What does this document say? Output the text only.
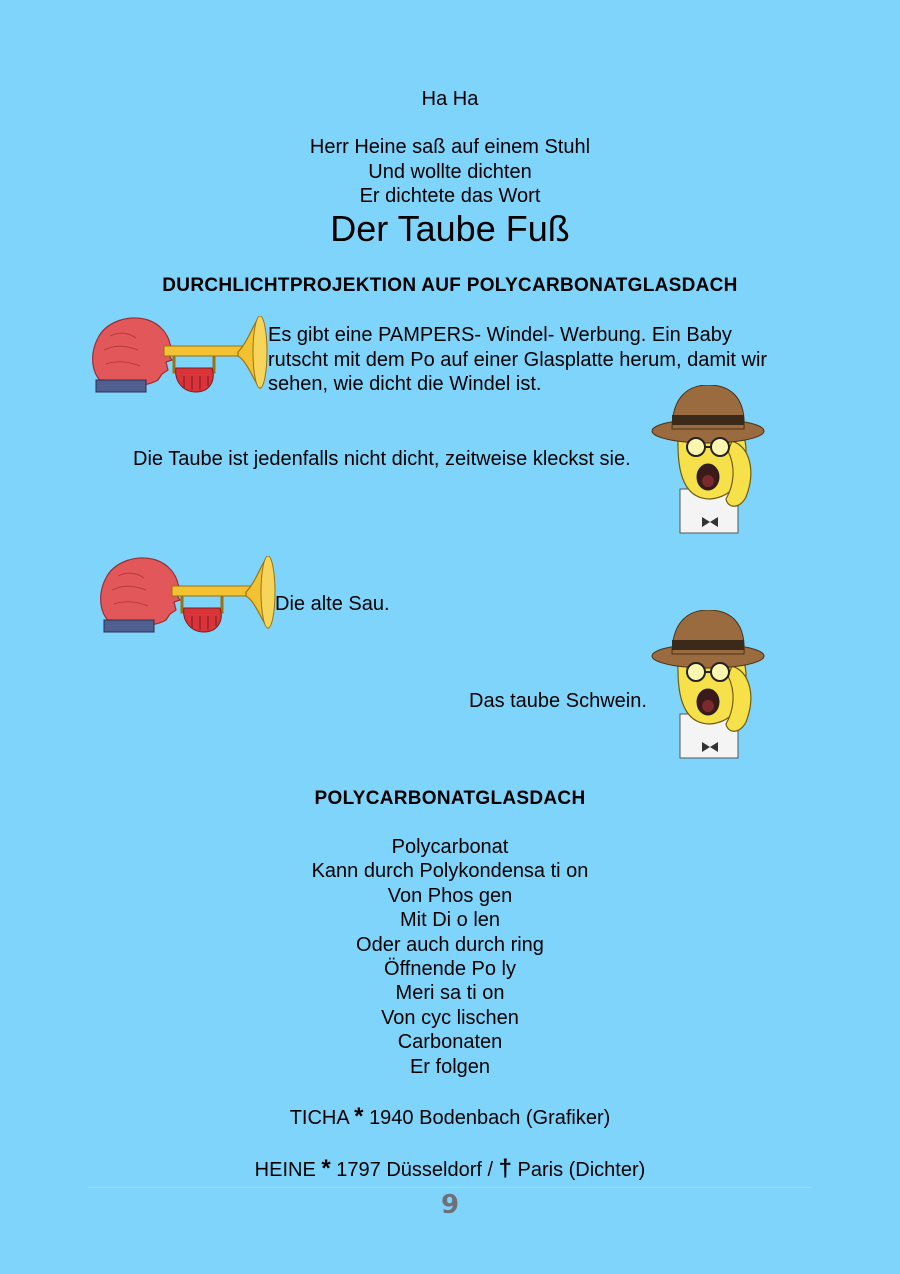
Ha Ha
Herr Heine saß auf einem Stuhl
Und wollte dichten
Er dichtete das Wort
Der Taube Fuß
DURCHLICHTPROJEKTION AUF POLYCARBONATGLASDACH
Es gibt eine PAMPERS- Windel- Werbung. Ein Baby
rutscht mit dem Po auf einer Glasplatte herum, damit wir
sehen, wie dicht die Windel ist.
Die Taube ist jedenfalls nicht dicht, zeitweise kleckst sie.
Die alte Sau.
Das taube Schwein.
POLYCARBONATGLASDACH
Polycarbonat
Kann durch Polykondensa ti on
Von Phos gen
Mit Di o len
Oder auch durch ring
Öffnende Po ly
Meri sa ti on
Von cyc lischen
Carbonaten
Er folgen
TICHA * 1940 Bodenbach (Grafiker)
HEINE * 1797 Düsseldorf / † Paris (Dichter)
9
